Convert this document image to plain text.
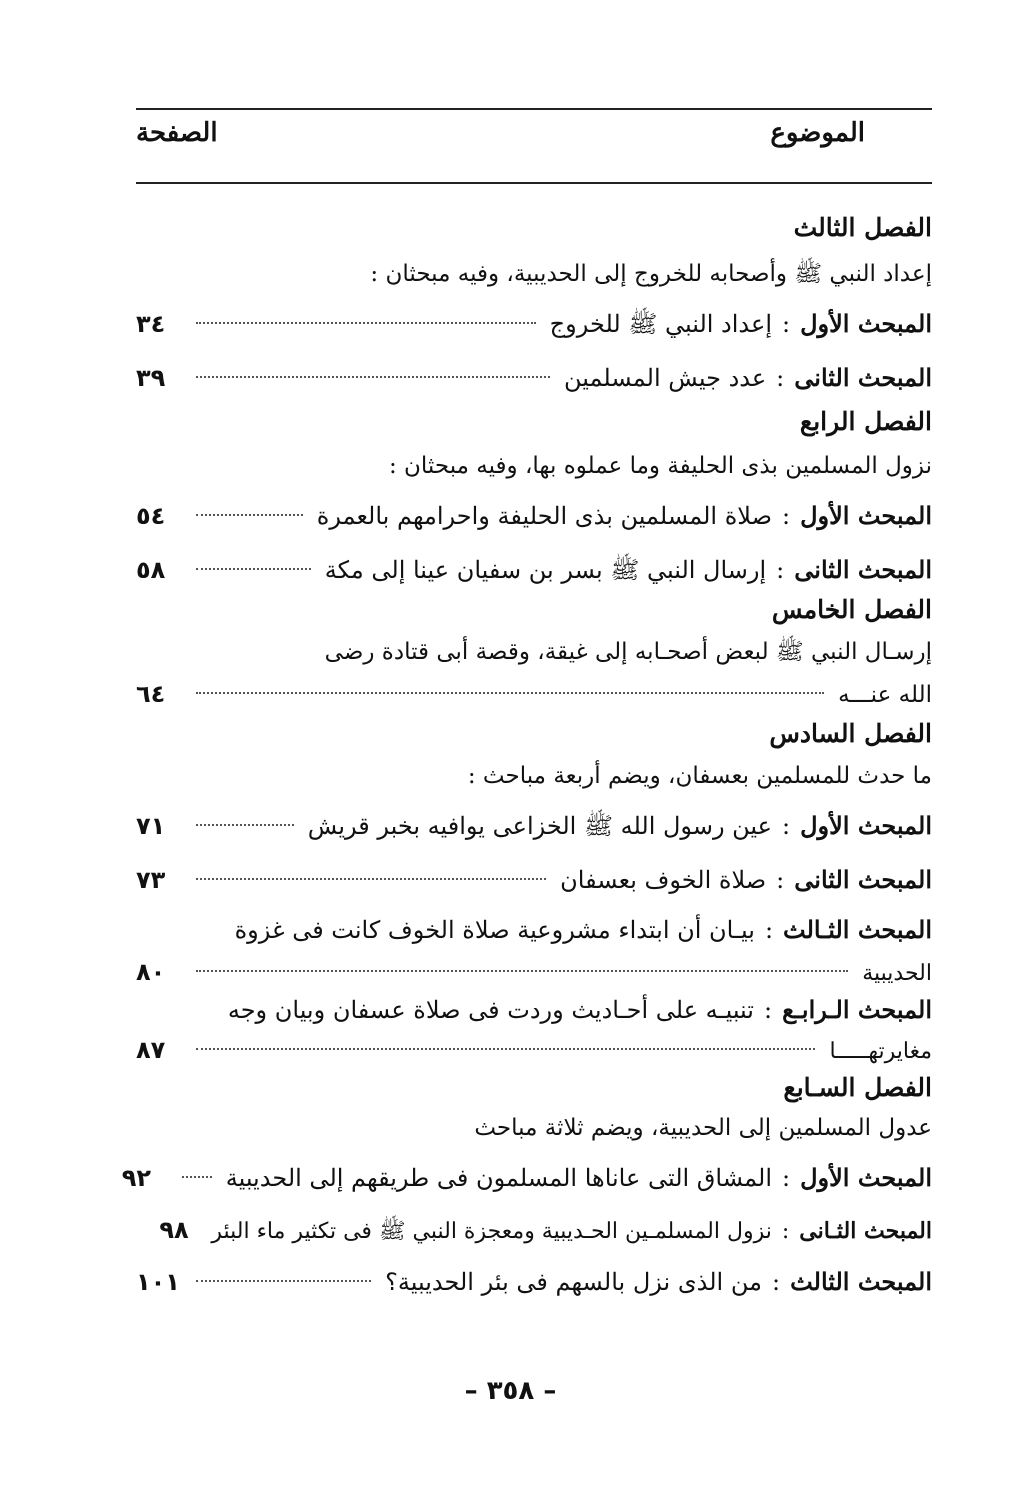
الموضوع
الصفحة
الفصل الثالث
إعداد النبي ﷺ وأصحابه للخروج إلى الحديبية، وفيه مبحثان :
المبحث الأول
:
إعداد النبي ﷺ للخروج
٣٤
المبحث الثانى
:
عدد جيش المسلمين
٣٩
الفصل الرابع
نزول المسلمين بذى الحليفة وما عملوه بها، وفيه مبحثان :
المبحث الأول
:
صلاة المسلمين بذى الحليفة واحرامهم بالعمرة
٥٤
المبحث الثانى
:
إرسال النبي ﷺ بسر بن سفيان عينا إلى مكة
٥٨
الفصل الخامس
إرسـال النبي ﷺ لبعض أصحـابه إلى غيقة، وقصة أبى قتادة رضى
الله عنـــه
٦٤
الفصل السادس
ما حدث للمسلمين بعسفان، ويضم أربعة مباحث :
المبحث الأول
:
عين رسول الله ﷺ الخزاعى يوافيه بخبر قريش
٧١
المبحث الثانى
:
صلاة الخوف بعسفان
٧٣
المبحث الثـالث
:
بيـان أن ابتداء مشروعية صلاة الخوف كانت فى غزوة
الحديبية
٨٠
المبحث الـرابـع
:
تنبيـه على أحـاديث وردت فى صلاة عسفان وبيان وجه
مغايرتهـــــا
٨٧
الفصل السـابع
عدول المسلمين إلى الحديبية، ويضم ثلاثة مباحث
المبحث الأول
:
المشاق التى عاناها المسلمون فى طريقهم إلى الحديبية
٩٢
المبحث الثـانى
:
نزول المسلمـين الحـديبية ومعجزة النبي ﷺ فى تكثير ماء البئر
٩٨
المبحث الثالث
:
من الذى نزل بالسهم فى بئر الحديبية؟
١٠١
– ٣٥٨ –
